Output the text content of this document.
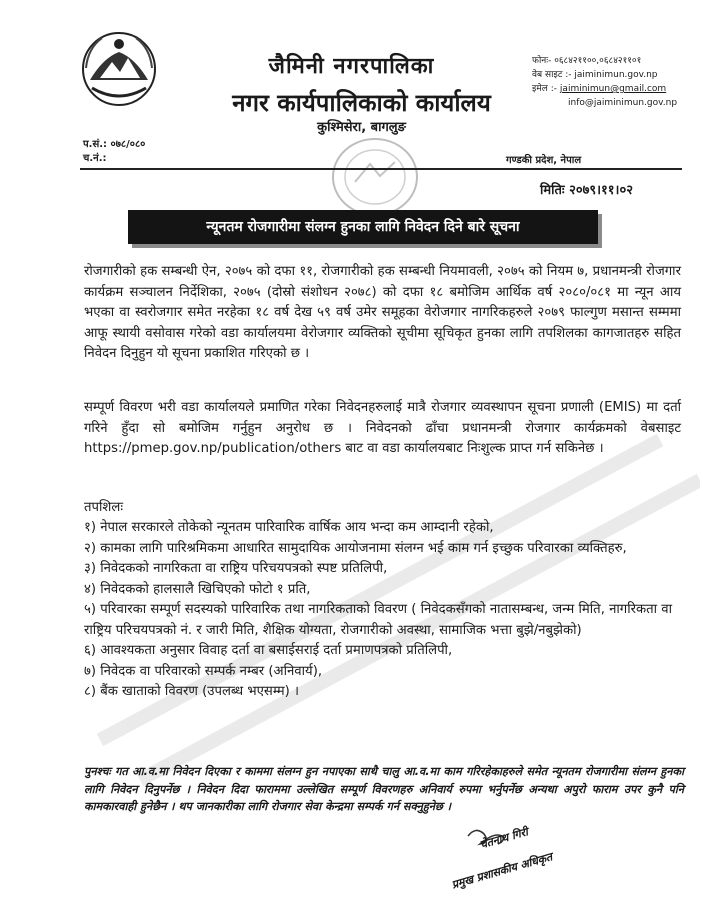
जैमिनी नगरपालिका
नगर कार्यपालिकाको कार्यालय
कुश्मिसेरा, बागलुङ
फोनः- ०६८४२११००,०६८४२११०१
वेब साइट :- jaiminimun.gov.np
इमेल :- jaiminimun@gmail.com
info@jaiminimun.gov.np
प.सं.: ०७८/०८०
च.नं.:	गण्डकी प्रदेश, नेपाल
मितिः २०७९।११।०२
न्यूनतम रोजगारीमा संलग्न हुनका लागि निवेदन दिने बारे सूचना
रोजगारीको हक सम्बन्धी ऐन, २०७५ को दफा ११, रोजगारीको हक सम्बन्धी नियमावली, २०७५ को नियम ७, प्रधानमन्त्री रोजगार कार्यक्रम सञ्चालन निर्देशिका, २०७५ (दोस्रो संशोधन २०७८) को दफा १८ बमोजिम आर्थिक वर्ष २०८०/०८१ मा न्यून आय भएका वा स्वरोजगार समेत नरहेका १८ वर्ष देख ५९ वर्ष उमेर समूहका वेरोजगार नागरिकहरुले २०७९ फाल्गुण मसान्त सम्ममा आफू स्थायी वसोवास गरेको वडा कार्यालयमा वेरोजगार व्यक्तिको सूचीमा सूचिकृत हुनका लागि तपशिलका कागजातहरु सहित निवेदन दिनुहुन यो सूचना प्रकाशित गरिएको छ ।
सम्पूर्ण विवरण भरी वडा कार्यालयले प्रमाणित गरेका निवेदनहरुलाई मात्रै रोजगार व्यवस्थापन सूचना प्रणाली (EMIS) मा दर्ता गरिने हुँदा सो बमोजिम गर्नुहुन अनुरोध छ । निवेदनको ढाँचा प्रधानमन्त्री रोजगार कार्यक्रमको वेबसाइट https://pmep.gov.np/publication/others बाट वा वडा कार्यालयबाट निःशुल्क प्राप्त गर्न सकिनेछ ।
तपशिलः
१) नेपाल सरकारले तोकेको न्यूनतम पारिवारिक वार्षिक आय भन्दा कम आम्दानी रहेको,
२) कामका लागि पारिश्रमिकमा आधारित सामुदायिक आयोजनामा संलग्न भई काम गर्न इच्छुक परिवारका व्यक्तिहरु,
३) निवेदकको नागरिकता वा राष्ट्रिय परिचयपत्रको स्पष्ट प्रतिलिपी,
४) निवेदकको हालसालै खिचिएको फोटो १ प्रति,
५) परिवारका सम्पूर्ण सदस्यको पारिवारिक तथा नागरिकताको विवरण ( निवेदकसँगको नातासम्बन्ध, जन्म मिति, नागरिकता वा राष्ट्रिय परिचयपत्रको नं. र जारी मिति, शैक्षिक योग्यता, रोजगारीको अवस्था, सामाजिक भत्ता बुझे/नबुझेको)
६) आवश्यकता अनुसार विवाह दर्ता वा बसाईसराई दर्ता प्रमाणपत्रको प्रतिलिपी,
७) निवेदक वा परिवारको सम्पर्क नम्बर (अनिवार्य),
८) बैंक खाताको विवरण (उपलब्ध भएसम्म) ।
पुनश्चः गत आ.व.मा निवेदन दिएका र काममा संलग्न हुन नपाएका साथै चालु आ.व.मा काम गरिरहेकाहरुले समेत न्यूनतम रोजगारीमा संलग्न हुनका लागि निवेदन दिनुपर्नेछ । निवेदन दिदा फाराममा उल्लेखित सम्पूर्ण विवरणहरु अनिवार्य रुपमा भर्नुपर्नेछ अन्यथा अपुरो फाराम उपर कुनै पनि कामकारवाही हुनेछैन । थप जानकारीका लागि रोजगार सेवा केन्द्रमा सम्पर्क गर्न सक्नुहुनेछ ।
चेतनाथ गिरी
प्रमुख प्रशासकीय अधिकृत
